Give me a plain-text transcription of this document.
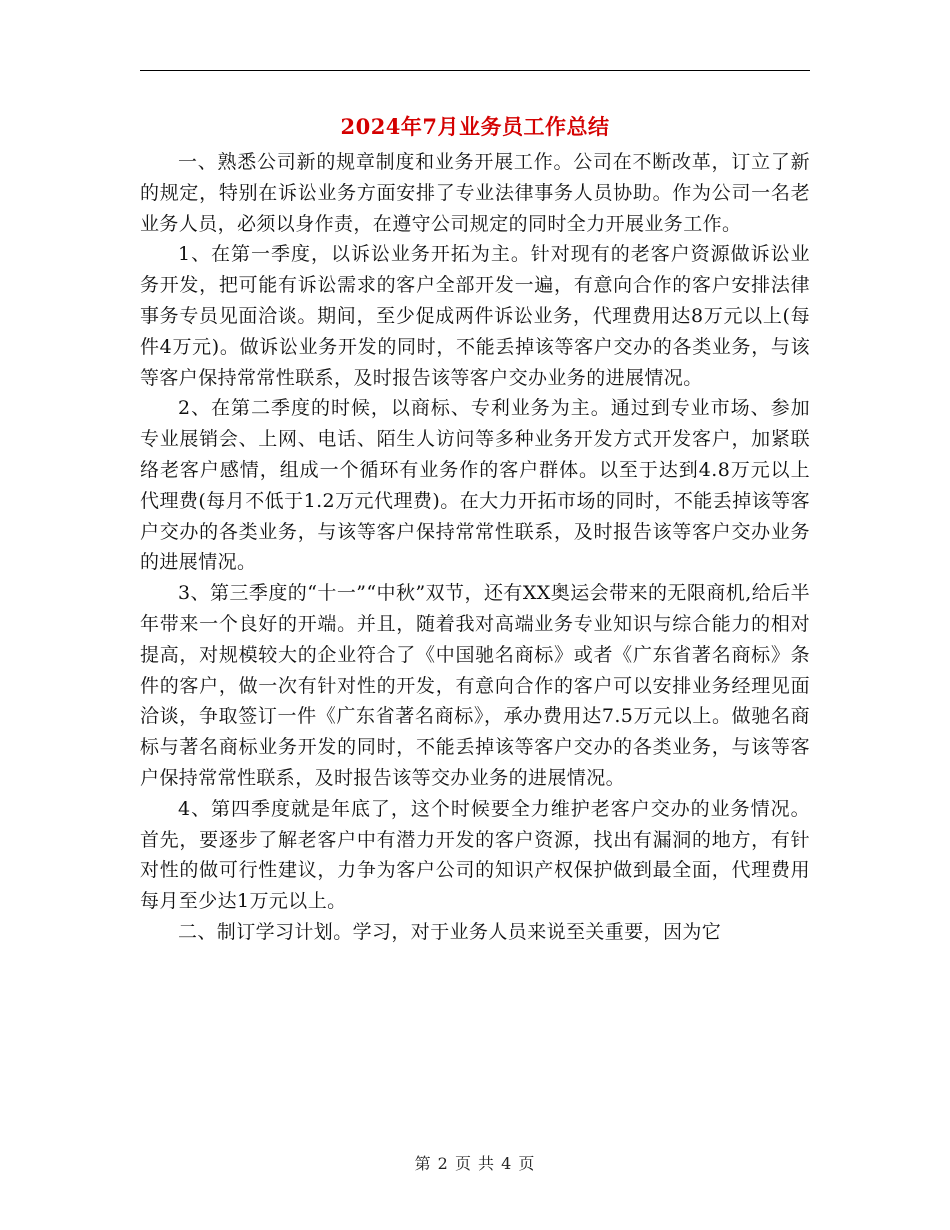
2024年7月业务员工作总结

一、熟悉公司新的规章制度和业务开展工作。公司在不断改革，订立了新的规定，特别在诉讼业务方面安排了专业法律事务人员协助。作为公司一名老业务人员，必须以身作责，在遵守公司规定的同时全力开展业务工作。

1、在第一季度，以诉讼业务开拓为主。针对现有的老客户资源做诉讼业务开发，把可能有诉讼需求的客户全部开发一遍，有意向合作的客户安排法律事务专员见面洽谈。期间，至少促成两件诉讼业务，代理费用达8万元以上(每件4万元)。做诉讼业务开发的同时，不能丢掉该等客户交办的各类业务，与该等客户保持常常性联系，及时报告该等客户交办业务的进展情况。

2、在第二季度的时候，以商标、专利业务为主。通过到专业市场、参加专业展销会、上网、电话、陌生人访问等多种业务开发方式开发客户，加紧联络老客户感情，组成一个循环有业务作的客户群体。以至于达到4.8万元以上代理费(每月不低于1.2万元代理费)。在大力开拓市场的同时，不能丢掉该等客户交办的各类业务，与该等客户保持常常性联系，及时报告该等客户交办业务的进展情况。

3、第三季度的“十一”“中秋”双节，还有XX奥运会带来的无限商机,给后半年带来一个良好的开端。并且，随着我对高端业务专业知识与综合能力的相对提高，对规模较大的企业符合了《中国驰名商标》或者《广东省著名商标》条件的客户，做一次有针对性的开发，有意向合作的客户可以安排业务经理见面洽谈，争取签订一件《广东省著名商标》，承办费用达7.5万元以上。做驰名商标与著名商标业务开发的同时，不能丢掉该等客户交办的各类业务，与该等客户保持常常性联系，及时报告该等交办业务的进展情况。

4、第四季度就是年底了，这个时候要全力维护老客户交办的业务情况。首先，要逐步了解老客户中有潜力开发的客户资源，找出有漏洞的地方，有针对性的做可行性建议，力争为客户公司的知识产权保护做到最全面，代理费用每月至少达1万元以上。

二、制订学习计划。学习，对于业务人员来说至关重要，因为它

第 2 页 共 4 页
